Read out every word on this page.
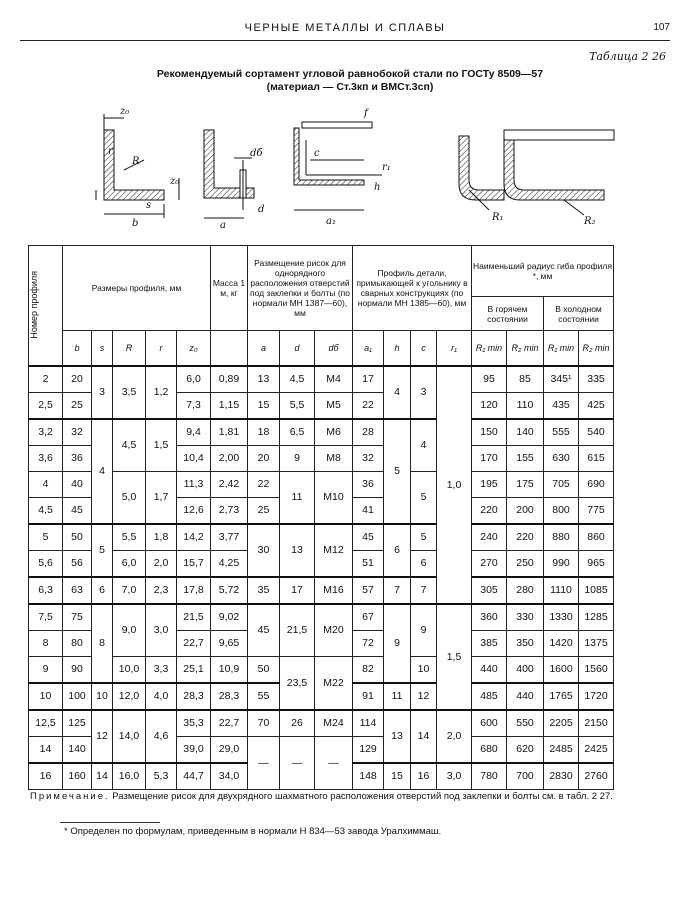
ЧЕРНЫЕ МЕТАЛЛЫ И СПЛАВЫ	107
Таблица 2 26
Рекомендуемый сортамент угловой равнобокой стали по ГОСТу 8509—57
(материал — Ст.3кп и ВМСт.3сп)
z₀
R
r
z₀
b
s
a
dб
d
f
c
a₁
h
r₁
R₁	R₂
Номер профиля	Размеры профиля, мм					Масса 1 м, кг	Размещение рисок для однорядного расположения отверстий под заклепки и болты (по нормали МН 1387—60), мм			Профиль детали, примыкающей к угольнику в сварных конструкциях (по нормали МН 1385—60), мм				Наименьший радиус гиба профиля *, мм			
														В горячем состоянии		В холодном состоянии	
	b	s	R	r	z₀		a	d	dб	a₁	h	c	r₁	R₁ min	R₂ min	R₁ min	R₂ min
2	20	3	3,5	1,2	6,0	0,89	13	4,5	M4	17	4	3	1,0	95	85	345¹	335
2,5	25				7,3	1,15	15	5,5	M5	22				120	110	435	425
3,2	32	4	4,5	1,5	9,4	1,81	18	6,5	M6	28	5	4		150	140	555	540
3,6	36				10,4	2,00	20	9	M8	32				170	155	630	615
4	40		5,0	1,7	11,3	2,42	22	11	M10	36		5		195	175	705	690
4,5	45				12,6	2,73	25			41				220	200	800	775
5	50	5	5,5	1,8	14,2	3,77	30	13	M12	45	6	5		240	220	880	860
5,6	56		6,0	2,0	15,7	4,25				51		6		270	250	990	965
6,3	63	6	7,0	2,3	17,8	5,72	35	17	M16	57	7	7		305	280	1110	1085
7,5	75	8	9,0	3,0	21,5	9,02	45	21,5	M20	67	9	9	1,5	360	330	1330	1285
8	80				22,7	9,65				72				385	350	1420	1375
9	90		10,0	3,3	25,1	10,9	50	23,5	M22	82		10		440	400	1600	1560
10	100	10	12,0	4,0	28,3	28,3	55			91	11	12		485	440	1765	1720
12,5	125	12	14,0	4,6	35,3	22,7	70	26	M24	114	13	14	2,0	600	550	2205	2150
14	140				39,0	29,0	—	—	—	129				680	620	2485	2425
16	160	14	16,0	5,3	44,7	34,0				148	15	16	3,0	780	700	2830	2760
Примечание. Размещение рисок для двухрядного шахматного расположения отверстий под заклепки и болты см. в табл. 2 27.
* Определен по формулам, приведенным в нормали Н 834—53 завода Уралхиммаш.
